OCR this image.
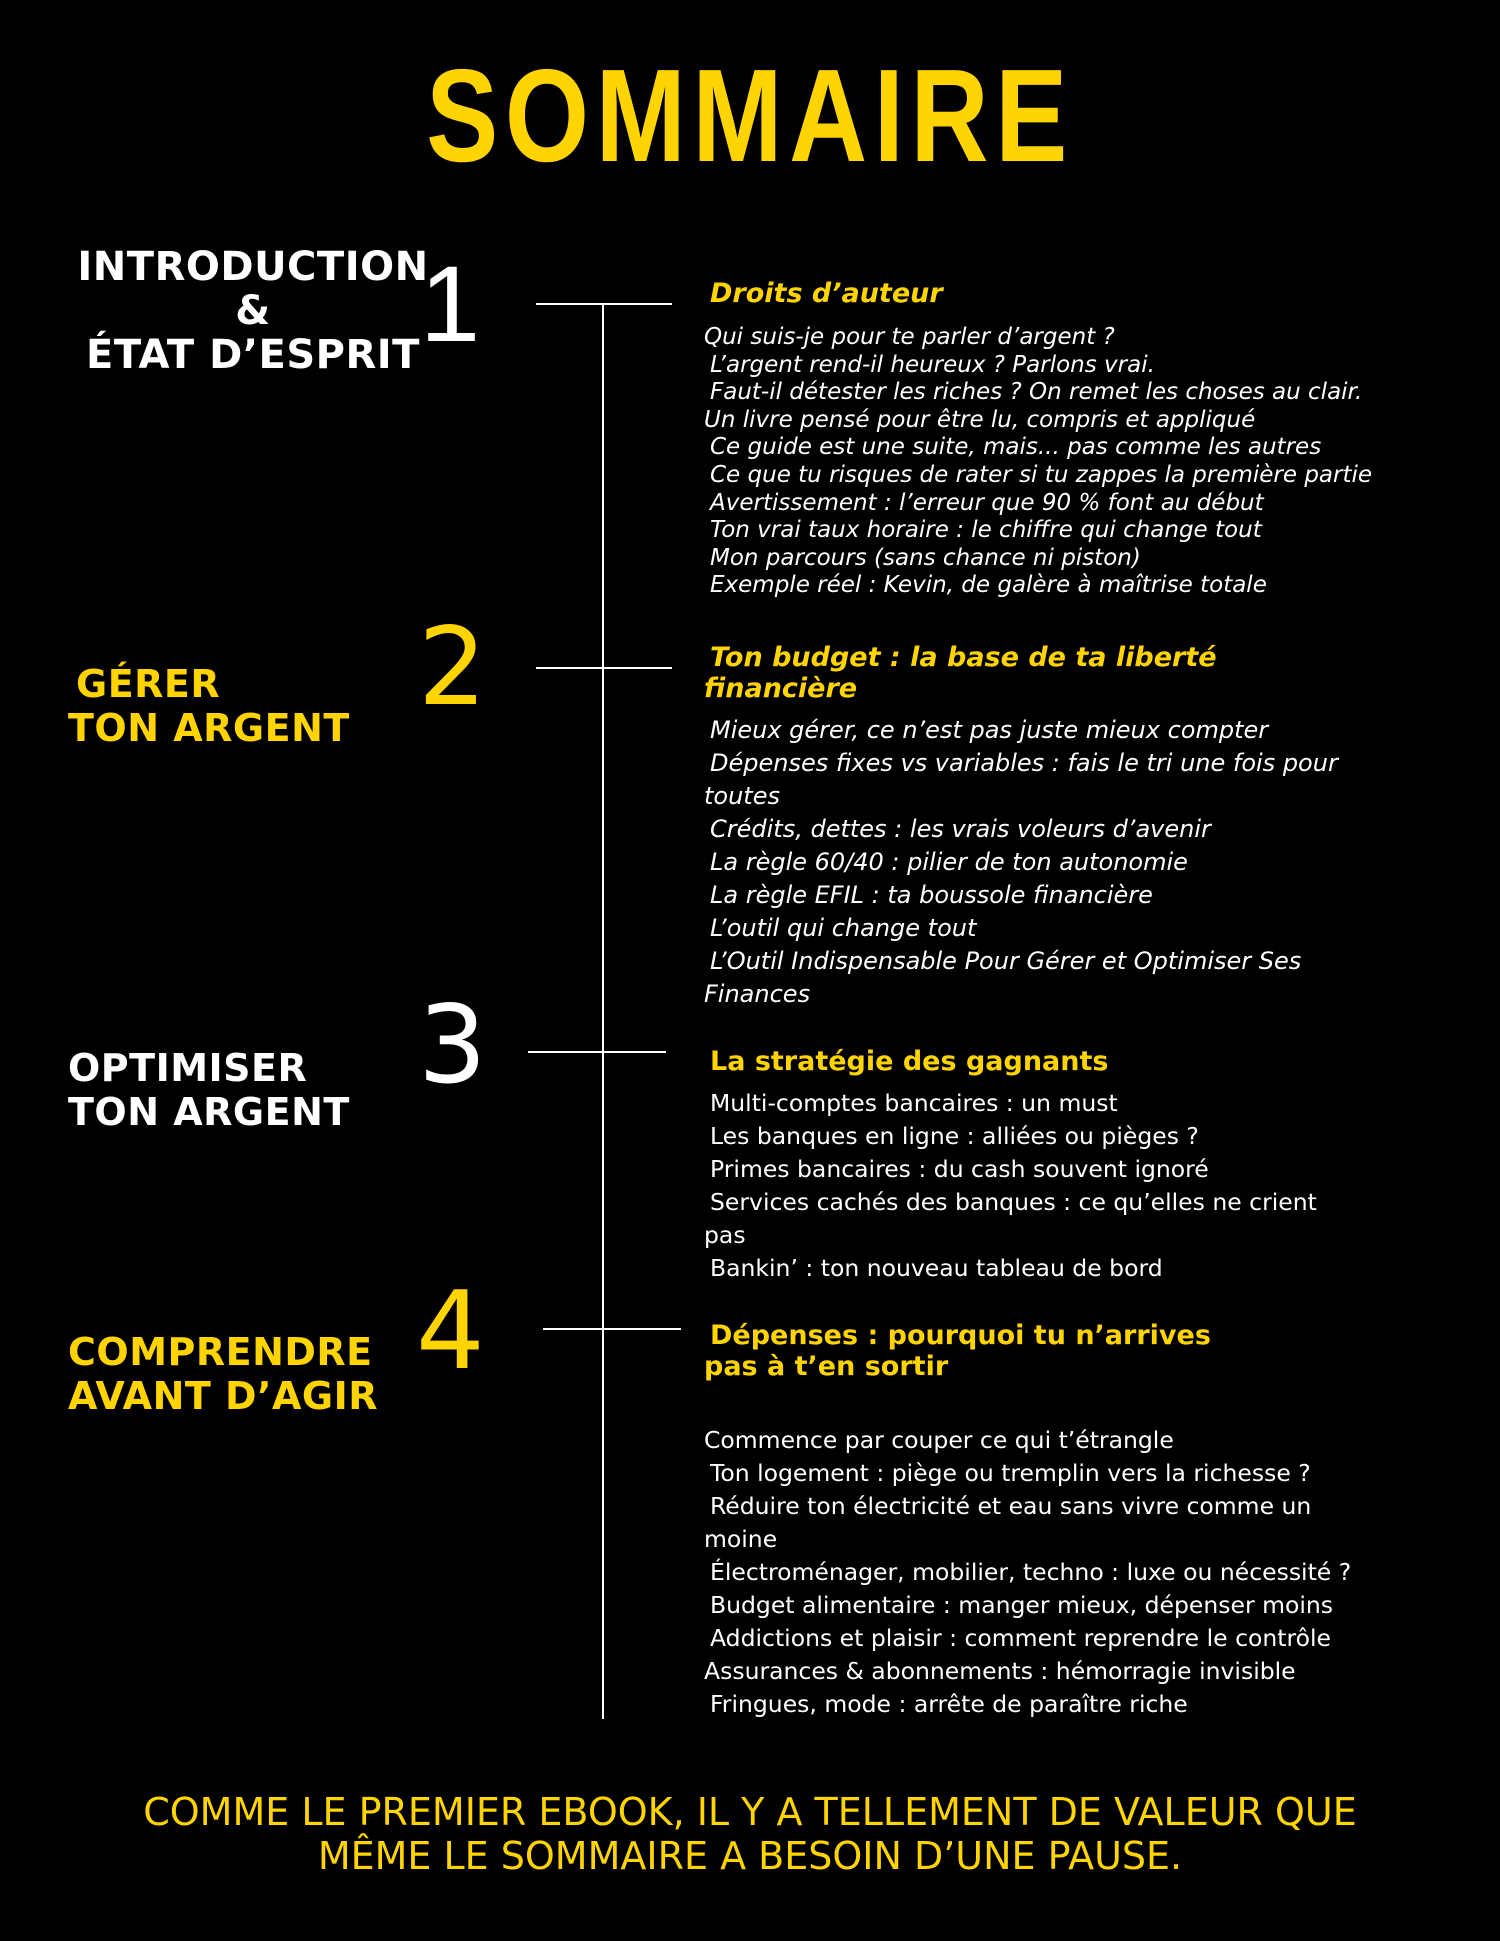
SOMMAIRE
INTRODUCTION
&
ÉTAT D’ESPRIT 1	Droits d’auteur
Qui suis-je pour te parler d’argent ?
L’argent rend-il heureux ? Parlons vrai.
Faut-il détester les riches ? On remet les choses au clair.
Un livre pensé pour être lu, compris et appliqué
Ce guide est une suite, mais... pas comme les autres
Ce que tu risques de rater si tu zappes la première partie
Avertissement : l’erreur que 90 % font au début
Ton vrai taux horaire : le chiffre qui change tout
Mon parcours (sans chance ni piston)
Exemple réel : Kevin, de galère à maîtrise totale
GÉRER
TON ARGENT 2	Ton budget : la base de ta liberté
financière
Mieux gérer, ce n’est pas juste mieux compter
Dépenses fixes vs variables : fais le tri une fois pour
toutes
Crédits, dettes : les vrais voleurs d’avenir
La règle 60/40 : pilier de ton autonomie
La règle EFIL : ta boussole financière
L’outil qui change tout
L’Outil Indispensable Pour Gérer et Optimiser Ses
Finances
OPTIMISER
TON ARGENT
3	La stratégie des gagnants
Multi-comptes bancaires : un must
Les banques en ligne : alliées ou pièges ?
Primes bancaires : du cash souvent ignoré
Services cachés des banques : ce qu’elles ne crient
pas
Bankin’ : ton nouveau tableau de bord
COMPRENDRE
AVANT D’AGIR
4	Dépenses : pourquoi tu n’arrives
pas à t’en sortir
Commence par couper ce qui t’étrangle
Ton logement : piège ou tremplin vers la richesse ?
Réduire ton électricité et eau sans vivre comme un
moine
Électroménager, mobilier, techno : luxe ou nécessité ?
Budget alimentaire : manger mieux, dépenser moins
Addictions et plaisir : comment reprendre le contrôle
Assurances & abonnements : hémorragie invisible
Fringues, mode : arrête de paraître riche
COMME LE PREMIER EBOOK, IL Y A TELLEMENT DE VALEUR QUE
MÊME LE SOMMAIRE A BESOIN D’UNE PAUSE.
